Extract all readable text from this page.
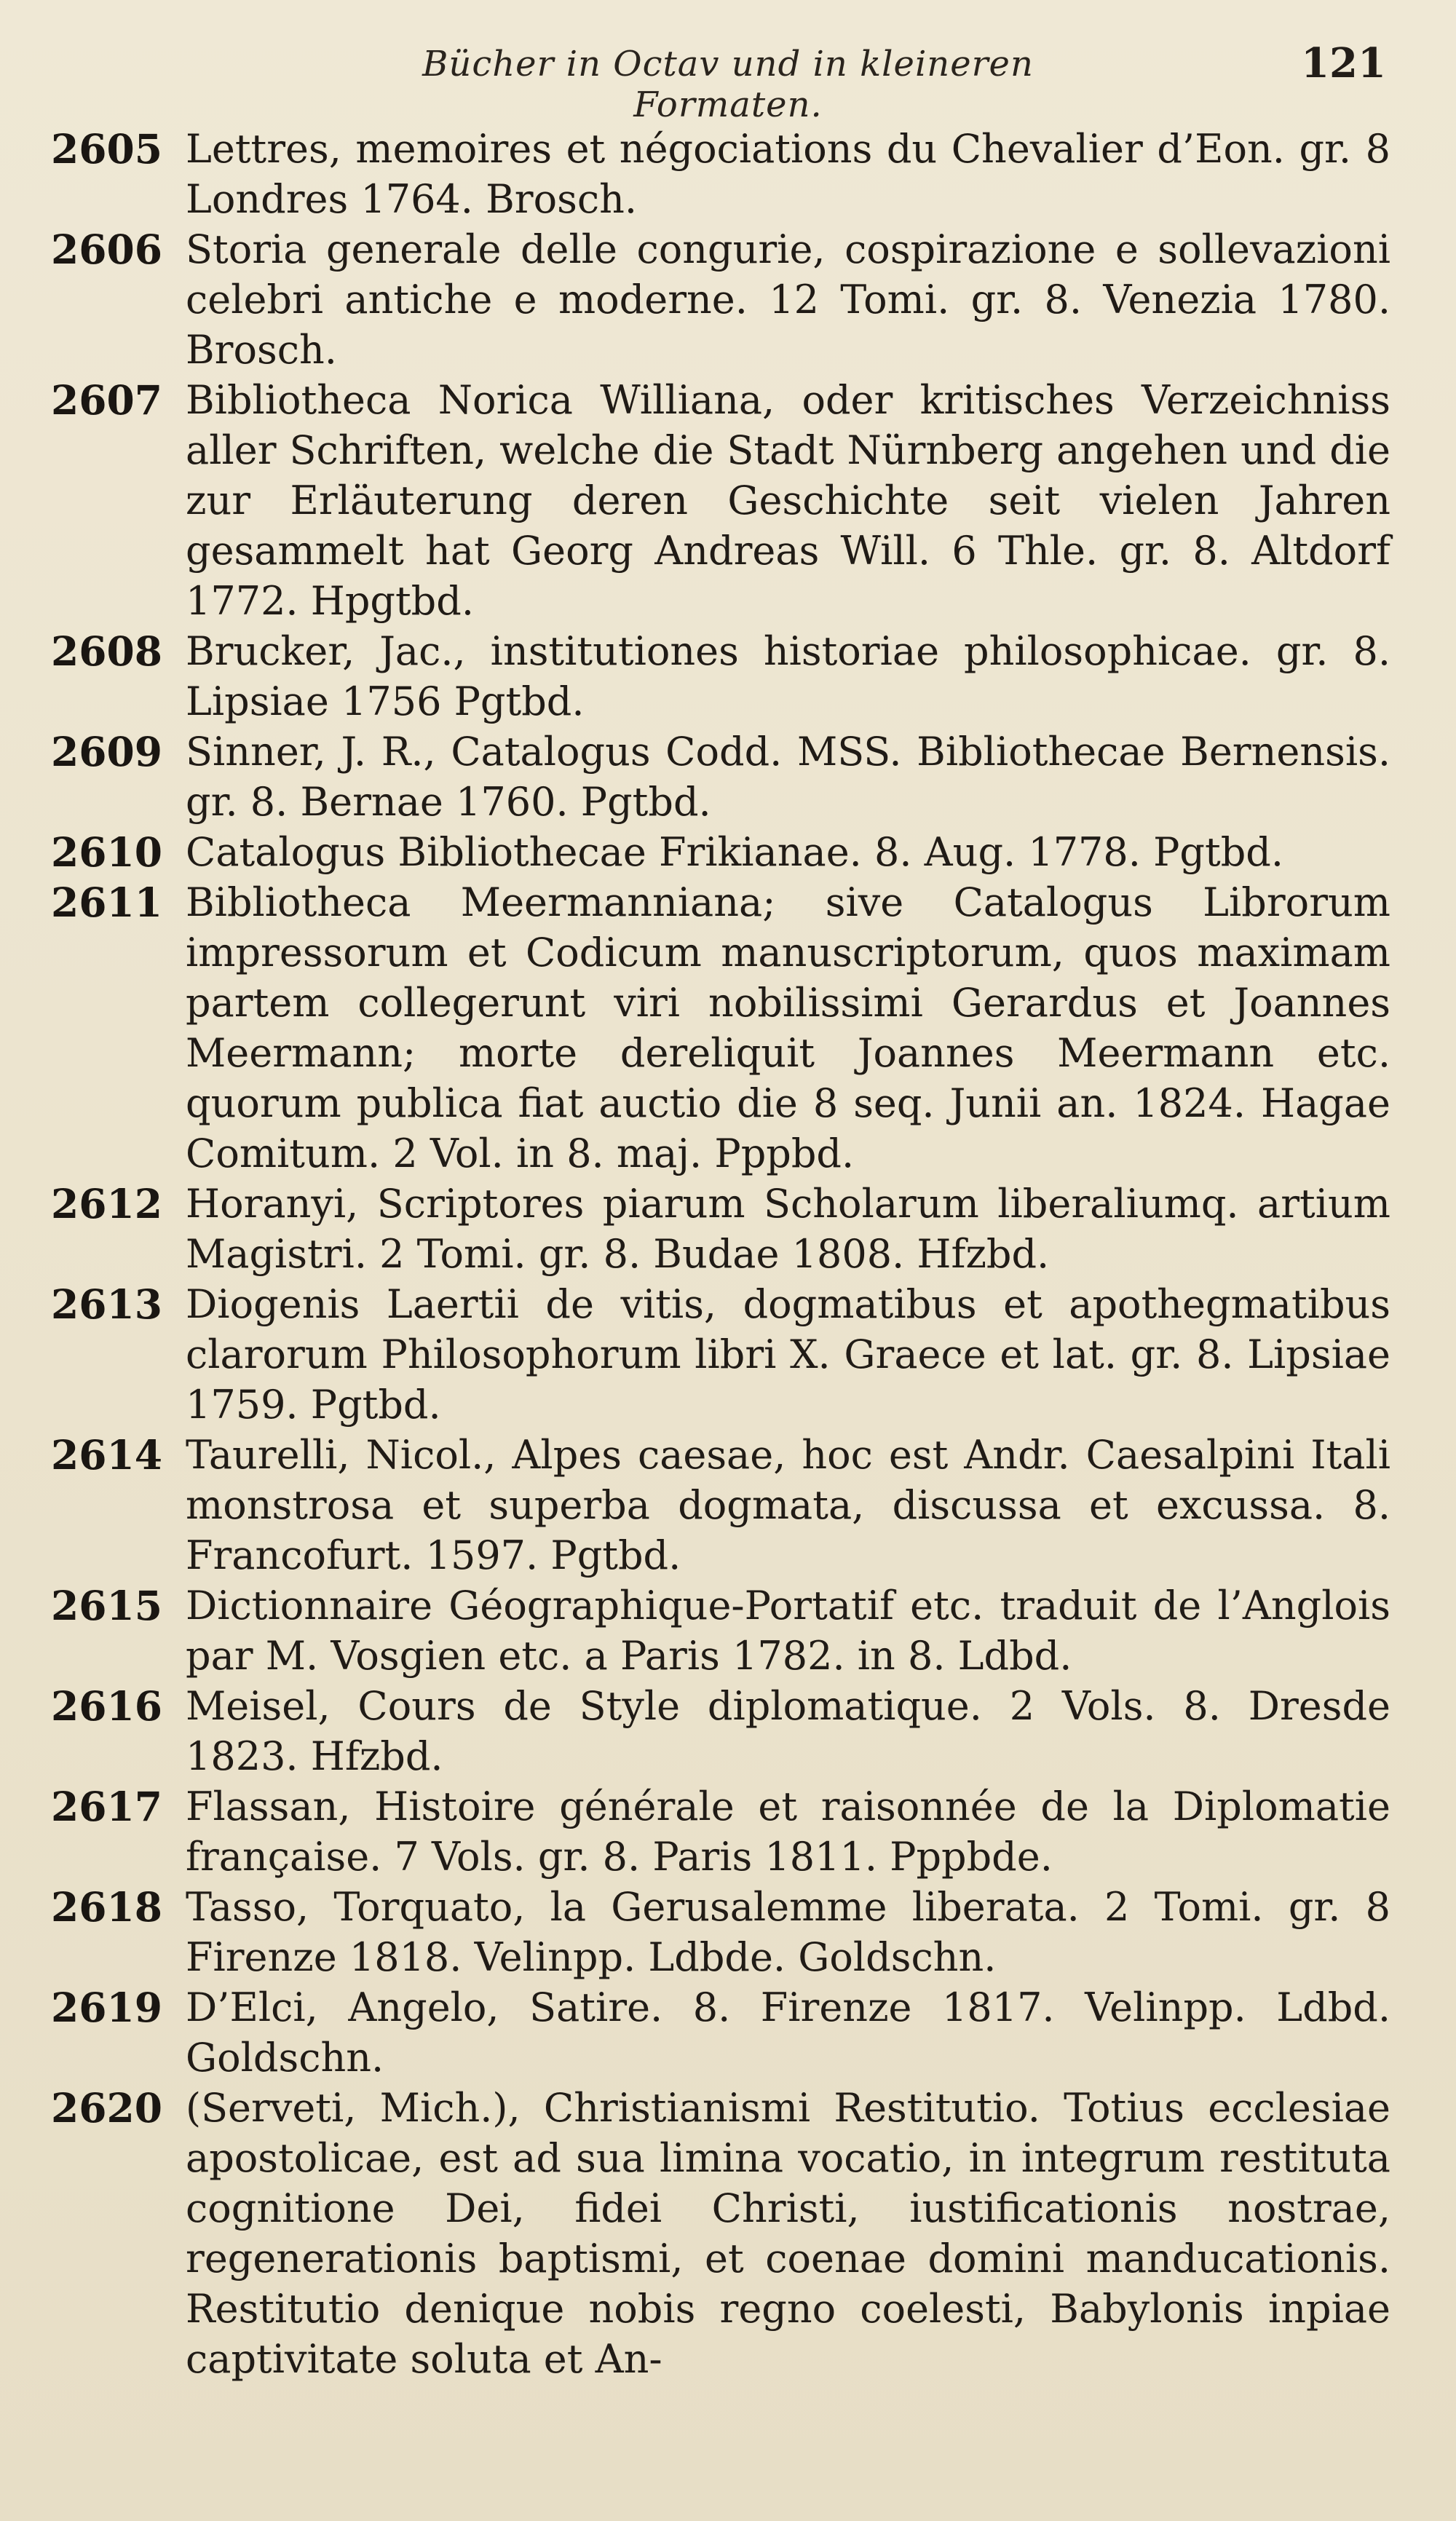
Bücher in Octav und in kleineren Formaten.
121
2605 Lettres, memoires et négociations du Chevalier d’Eon. gr. 8 Londres 1764. Brosch.

2606 Storia generale delle congurie, cospirazione e sollevazioni celebri antiche e moderne. 12 Tomi. gr. 8. Venezia 1780. Brosch.

2607 Bibliotheca Norica Williana, oder kritisches Verzeichniss aller Schriften, welche die Stadt Nürnberg angehen und die zur Erläuterung deren Geschichte seit vielen Jahren gesammelt hat Georg Andreas Will. 6 Thle. gr. 8. Altdorf 1772. Hpgtbd.

2608 Brucker, Jac., institutiones historiae philosophicae. gr. 8. Lipsiae 1756 Pgtbd.

2609 Sinner, J. R., Catalogus Codd. MSS. Bibliothecae Bernensis. gr. 8. Bernae 1760. Pgtbd.

2610 Catalogus Bibliothecae Frikianae. 8. Aug. 1778. Pgtbd.

2611 Bibliotheca Meermanniana; sive Catalogus Librorum impressorum et Codicum manuscriptorum, quos maximam partem collegerunt viri nobilissimi Gerardus et Joannes Meermann; morte dereliquit Joannes Meermann etc. quorum publica fiat auctio die 8 seq. Junii an. 1824. Hagae Comitum. 2 Vol. in 8. maj. Pppbd.

2612 Horanyi, Scriptores piarum Scholarum liberaliumq. artium Magistri. 2 Tomi. gr. 8. Budae 1808. Hfzbd.

2613 Diogenis Laertii de vitis, dogmatibus et apothegmatibus clarorum Philosophorum libri X. Graece et lat. gr. 8. Lipsiae 1759. Pgtbd.

2614 Taurelli, Nicol., Alpes caesae, hoc est Andr. Caesalpini Itali monstrosa et superba dogmata, discussa et excussa. 8. Francofurt. 1597. Pgtbd.

2615 Dictionnaire Géographique-Portatif etc. traduit de l’Anglois par M. Vosgien etc. a Paris 1782. in 8. Ldbd.

2616 Meisel, Cours de Style diplomatique. 2 Vols. 8. Dresde 1823. Hfzbd.

2617 Flassan, Histoire générale et raisonnée de la Diplomatie française. 7 Vols. gr. 8. Paris 1811. Pppbde.

2618 Tasso, Torquato, la Gerusalemme liberata. 2 Tomi. gr. 8 Firenze 1818. Velinpp. Ldbde. Goldschn.

2619 D’Elci, Angelo, Satire. 8. Firenze 1817. Velinpp. Ldbd. Goldschn.

2620 (Serveti, Mich.), Christianismi Restitutio. Totius ecclesiae apostolicae, est ad sua limina vocatio, in integrum restituta cognitione Dei, fidei Christi, iustificationis nostrae, regenerationis baptismi, et coenae domini manducationis. Restitutio denique nobis regno coelesti, Babylonis inpiae captivitate soluta et An-
